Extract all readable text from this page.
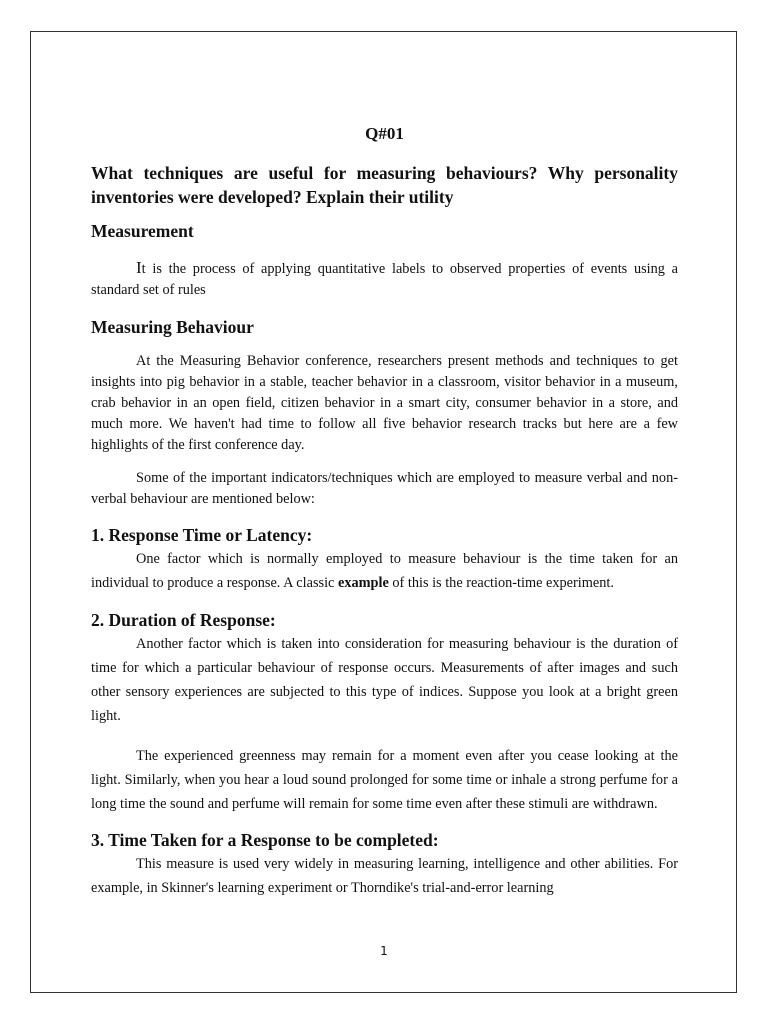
Q#01
What techniques are useful for measuring behaviours? Why personality inventories were developed? Explain their utility
Measurement

It is the process of applying quantitative labels to observed properties of events using a standard set of rules

Measuring Behaviour

At the Measuring Behavior conference, researchers present methods and techniques to get insights into pig behavior in a stable, teacher behavior in a classroom, visitor behavior in a museum, crab behavior in an open field, citizen behavior in a smart city, consumer behavior in a store, and much more. We haven't had time to follow all five behavior research tracks but here are a few highlights of the first conference day.

Some of the important indicators/techniques which are employed to measure verbal and non-verbal behaviour are mentioned below:

1. Response Time or Latency:

One factor which is normally employed to measure behaviour is the time taken for an individual to produce a response. A classic example of this is the reaction-time experiment.

2. Duration of Response:

Another factor which is taken into consideration for measuring behaviour is the duration of time for which a particular behaviour of response occurs. Measurements of after images and such other sensory experiences are subjected to this type of indices. Suppose you look at a bright green light.

The experienced greenness may remain for a moment even after you cease looking at the light. Similarly, when you hear a loud sound prolonged for some time or inhale a strong perfume for a long time the sound and perfume will remain for some time even after these stimuli are withdrawn.

3. Time Taken for a Response to be completed:

This measure is used very widely in measuring learning, intelligence and other abilities. For example, in Skinner's learning experiment or Thorndike's trial-and-error learning

1
